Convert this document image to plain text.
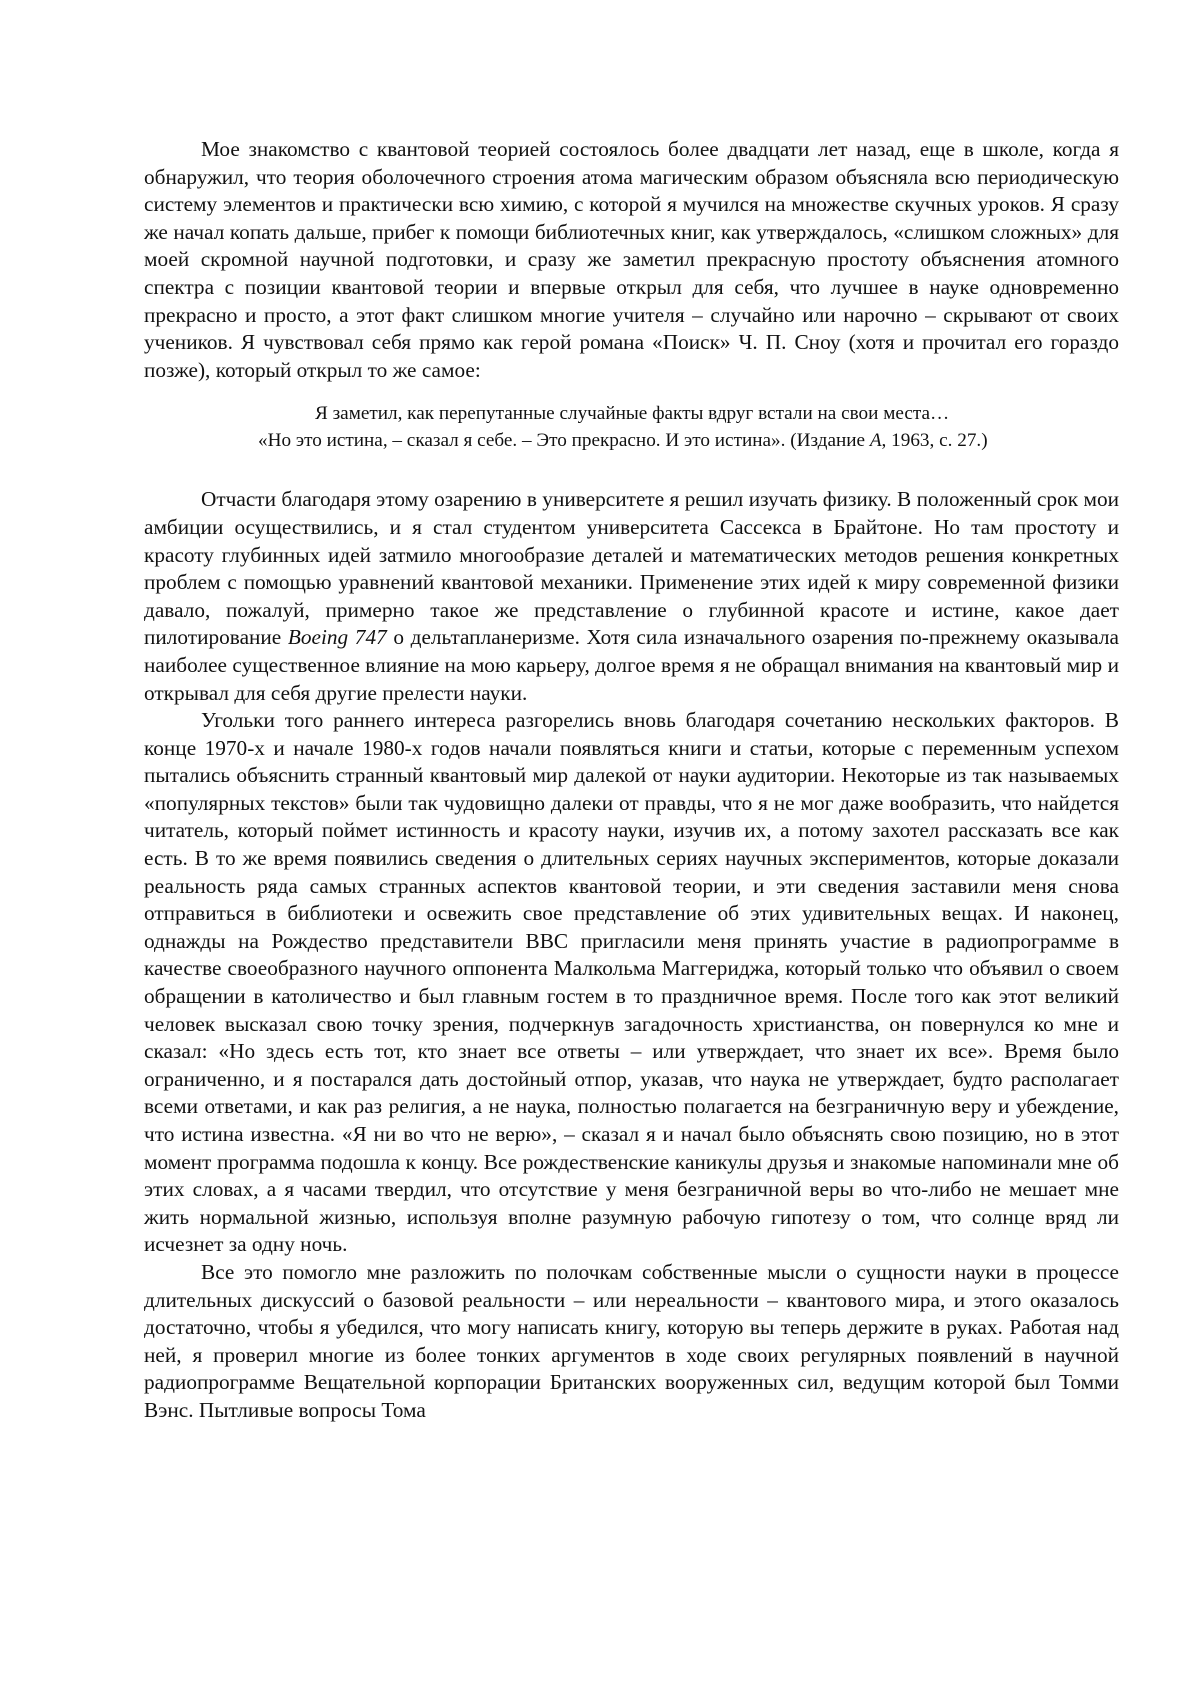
Мое знакомство с квантовой теорией состоялось более двадцати лет назад, еще в школе, когда я обнаружил, что теория оболочечного строения атома магическим образом объясняла всю периодическую систему элементов и практически всю химию, с которой я мучился на множестве скучных уроков. Я сразу же начал копать дальше, прибег к помощи библиотечных книг, как утверждалось, «слишком сложных» для моей скромной научной подготовки, и сразу же заметил прекрасную простоту объяснения атомного спектра с позиции квантовой теории и впервые открыл для себя, что лучшее в науке одновременно прекрасно и просто, а этот факт слишком многие учителя – случайно или нарочно – скрывают от своих учеников. Я чувствовал себя прямо как герой романа «Поиск» Ч. П. Сноу (хотя и прочитал его гораздо позже), который открыл то же самое:

Я заметил, как перепутанные случайные факты вдруг встали на свои места…
«Но это истина, – сказал я себе. – Это прекрасно. И это истина». (Издание А, 1963, с. 27.)

Отчасти благодаря этому озарению в университете я решил изучать физику. В положенный срок мои амбиции осуществились, и я стал студентом университета Сассекса в Брайтоне. Но там простоту и красоту глубинных идей затмило многообразие деталей и математических методов решения конкретных проблем с помощью уравнений квантовой механики. Применение этих идей к миру современной физики давало, пожалуй, примерно такое же представление о глубинной красоте и истине, какое дает пилотирование Boeing 747 о дельтапланеризме. Хотя сила изначального озарения по-прежнему оказывала наиболее существенное влияние на мою карьеру, долгое время я не обращал внимания на квантовый мир и открывал для себя другие прелести науки.

Угольки того раннего интереса разгорелись вновь благодаря сочетанию нескольких факторов. В конце 1970-х и начале 1980-х годов начали появляться книги и статьи, которые с переменным успехом пытались объяснить странный квантовый мир далекой от науки аудитории. Некоторые из так называемых «популярных текстов» были так чудовищно далеки от правды, что я не мог даже вообразить, что найдется читатель, который поймет истинность и красоту науки, изучив их, а потому захотел рассказать все как есть. В то же время появились сведения о длительных сериях научных экспериментов, которые доказали реальность ряда самых странных аспектов квантовой теории, и эти сведения заставили меня снова отправиться в библиотеки и освежить свое представление об этих удивительных вещах. И наконец, однажды на Рождество представители BBC пригласили меня принять участие в радиопрограмме в качестве своеобразного научного оппонента Малкольма Маггериджа, который только что объявил о своем обращении в католичество и был главным гостем в то праздничное время. После того как этот великий человек высказал свою точку зрения, подчеркнув загадочность христианства, он повернулся ко мне и сказал: «Но здесь есть тот, кто знает все ответы – или утверждает, что знает их все». Время было ограниченно, и я постарался дать достойный отпор, указав, что наука не утверждает, будто располагает всеми ответами, и как раз религия, а не наука, полностью полагается на безграничную веру и убеждение, что истина известна. «Я ни во что не верю», – сказал я и начал было объяснять свою позицию, но в этот момент программа подошла к концу. Все рождественские каникулы друзья и знакомые напоминали мне об этих словах, а я часами твердил, что отсутствие у меня безграничной веры во что-либо не мешает мне жить нормальной жизнью, используя вполне разумную рабочую гипотезу о том, что солнце вряд ли исчезнет за одну ночь.

Все это помогло мне разложить по полочкам собственные мысли о сущности науки в процессе длительных дискуссий о базовой реальности – или нереальности – квантового мира, и этого оказалось достаточно, чтобы я убедился, что могу написать книгу, которую вы теперь держите в руках. Работая над ней, я проверил многие из более тонких аргументов в ходе своих регулярных появлений в научной радиопрограмме Вещательной корпорации Британских вооруженных сил, ведущим которой был Томми Вэнс. Пытливые вопросы Тома
